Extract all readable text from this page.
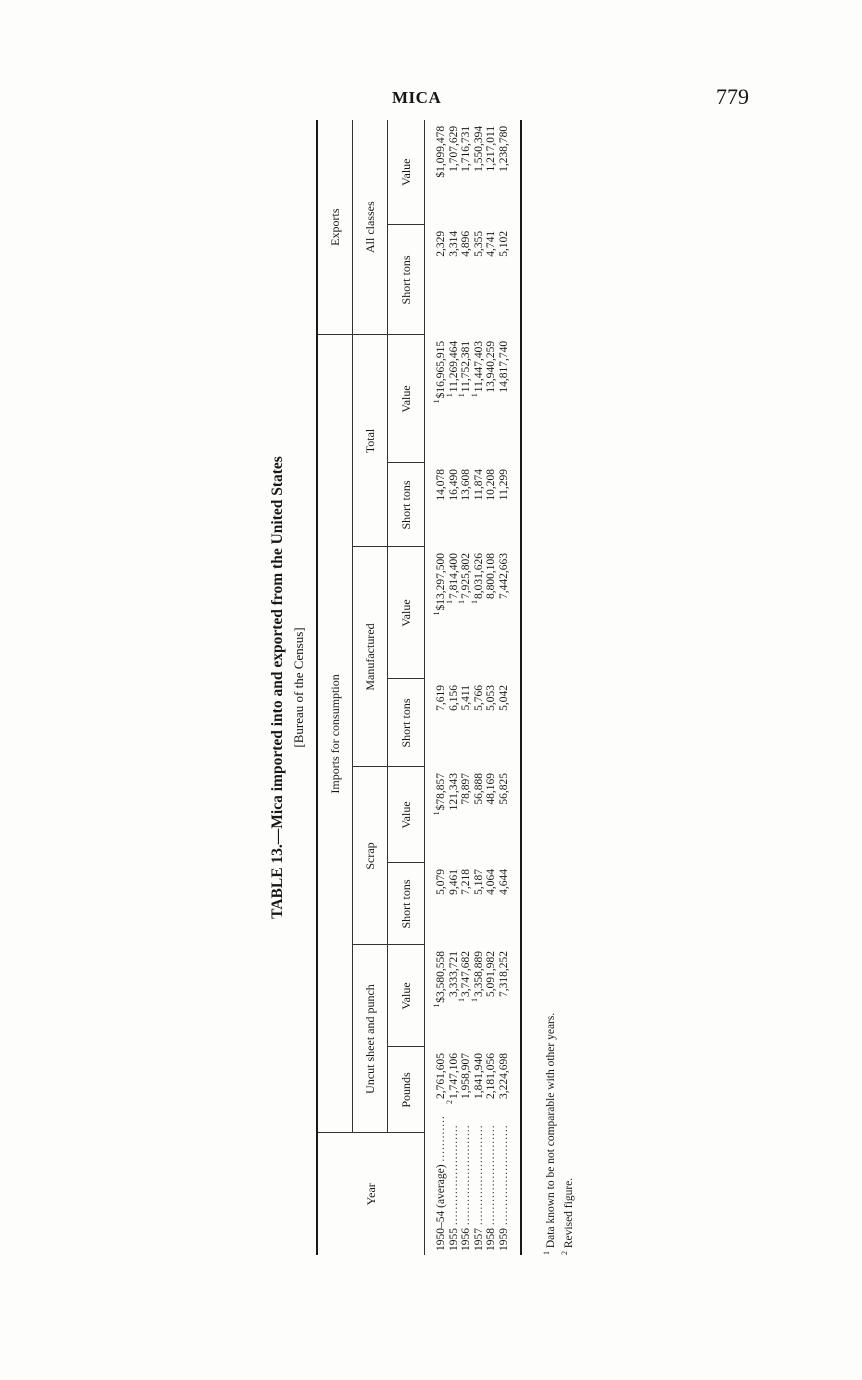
MICA	779
TABLE 13.—Mica imported into and exported from the United States [Bureau of the Census]
Year	Imports for consumption								Exports	
	Uncut sheet and punch		Scrap		Manufactured		Total		All classes	
	Pounds	Value	Short tons	Value	Short tons	Value	Short tons	Value	Short tons	Value
1950–54 (average) ............	2,761,605	$^1$\$3,580,558	5,079	$^1$\$78,857	7,619	$^1$\$13,297,500	14,078	$^1$\$16,965,915	2,329	$1,099,478
1955 ..........................	$^2$1,747,106	3,333,721	9,461	121,343	6,156	$^1$7,814,400	16,490	$^1$11,269,464	3,314	1,707,629
1956 ..........................	1,958,907	$^1$3,747,682	7,218	78,897	5,411	$^1$7,925,802	13,608	$^1$11,752,381	4,896	1,716,731
1957 ..........................	1,841,940	$^1$3,358,889	5,187	56,888	5,766	$^1$8,031,626	11,874	$^1$11,447,403	5,355	1,550,394
1958 ..........................	2,181,056	5,091,982	4,064	48,169	5,053	8,800,108	10,208	13,940,259	4,741	1,217,011
1959 ..........................	3,224,698	7,318,252	4,644	56,825	5,042	7,442,663	11,299	14,817,740	5,102	1,238,780
$^1$ Data known to be not comparable with other years.
$^2$ Revised figure.
